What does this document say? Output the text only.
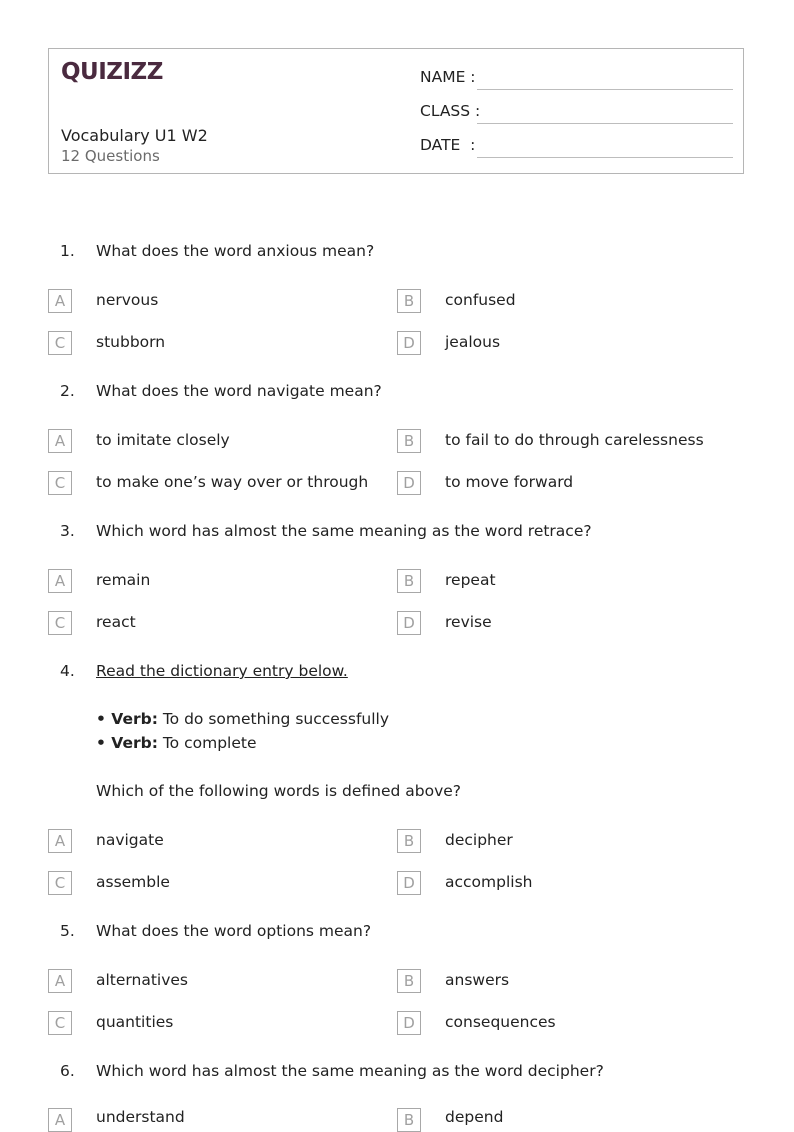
QUIZIZZ
Vocabulary U1 W2
12 Questions
NAME :
CLASS :
DATE  :
1. What does the word anxious mean?
A	nervous	B	confused
C	stubborn	D	jealous
2. What does the word navigate mean?
A	to imitate closely	B	to fail to do through carelessness
C	to make one’s way over or through	D	to move forward
3. Which word has almost the same meaning as the word retrace?
A	remain	B	repeat
C	react	D	revise
4. Read the dictionary entry below.
• Verb: To do something successfully
• Verb: To complete
Which of the following words is defined above?
A	navigate	B	decipher
C	assemble	D	accomplish
5. What does the word options mean?
A	alternatives	B	answers
C	quantities	D	consequences
6. Which word has almost the same meaning as the word decipher?
A	understand	B	depend
